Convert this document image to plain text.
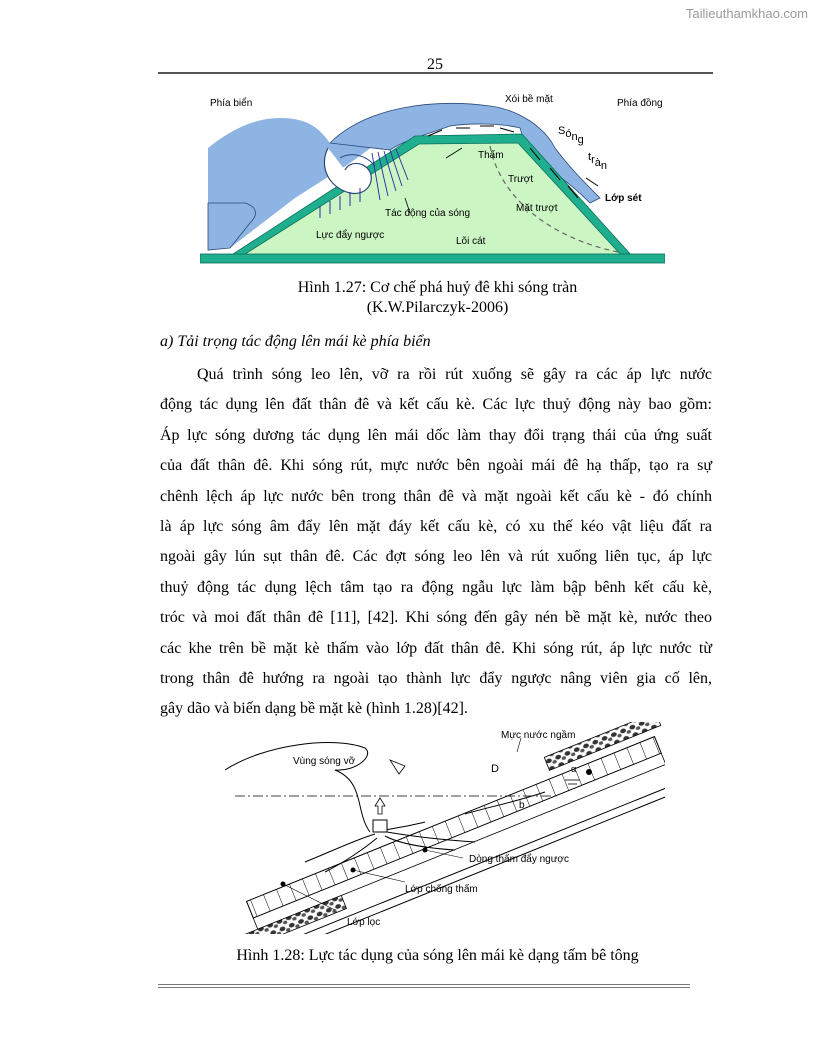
Tailieuthamkhao.com
25
Phía biển	Phía đồng
Xói bề mặt
Sóng
tràn
Thấm
Trượt
Mặt trượt
Lớp sét
Tác động của sóng
Lực đẩy ngược
Lõi cát
Hình 1.27: Cơ chế phá huỷ đê khi sóng tràn
(K.W.Pilarczyk-2006)
a) Tải trọng tác động lên mái kè phía biển
Quá trình sóng leo lên, vỡ ra rồi rút xuống sẽ gây ra các áp lực nước
động tác dụng lên đất thân đê và kết cấu kè. Các lực thuỷ động này bao gồm:
Áp lực sóng dương tác dụng lên mái dốc làm thay đổi trạng thái của ứng suất
của đất thân đê. Khi sóng rút, mực nước bên ngoài mái đê hạ thấp, tạo ra sự
chênh lệch áp lực nước bên trong thân đê và mặt ngoài kết cấu kè - đó chính
là áp lực sóng âm đẩy lên mặt đáy kết cấu kè, có xu thế kéo vật liệu đất ra
ngoài gây lún sụt thân đê. Các đợt sóng leo lên và rút xuống liên tục, áp lực
thuỷ động tác dụng lệch tâm tạo ra động ngẫu lực làm bập bênh kết cấu kè,
tróc và moi đất thân đê [11], [42]. Khi sóng đến gây nén bề mặt kè, nước theo
các khe trên bề mặt kè thấm vào lớp đất thân đê. Khi sóng rút, áp lực nước từ
trong thân đê hướng ra ngoài tạo thành lực đẩy ngược nâng viên gia cố lên,
gây dão và biến dạng bề mặt kè (hình 1.28)[42].
Vùng sóng vỡ
Mực nước ngầm
D
b
α
Dòng thấm đẩy ngược
Lớp chống thấm
Lớp lọc
Hình 1.28: Lực tác dụng của sóng lên mái kè dạng tấm bê tông
